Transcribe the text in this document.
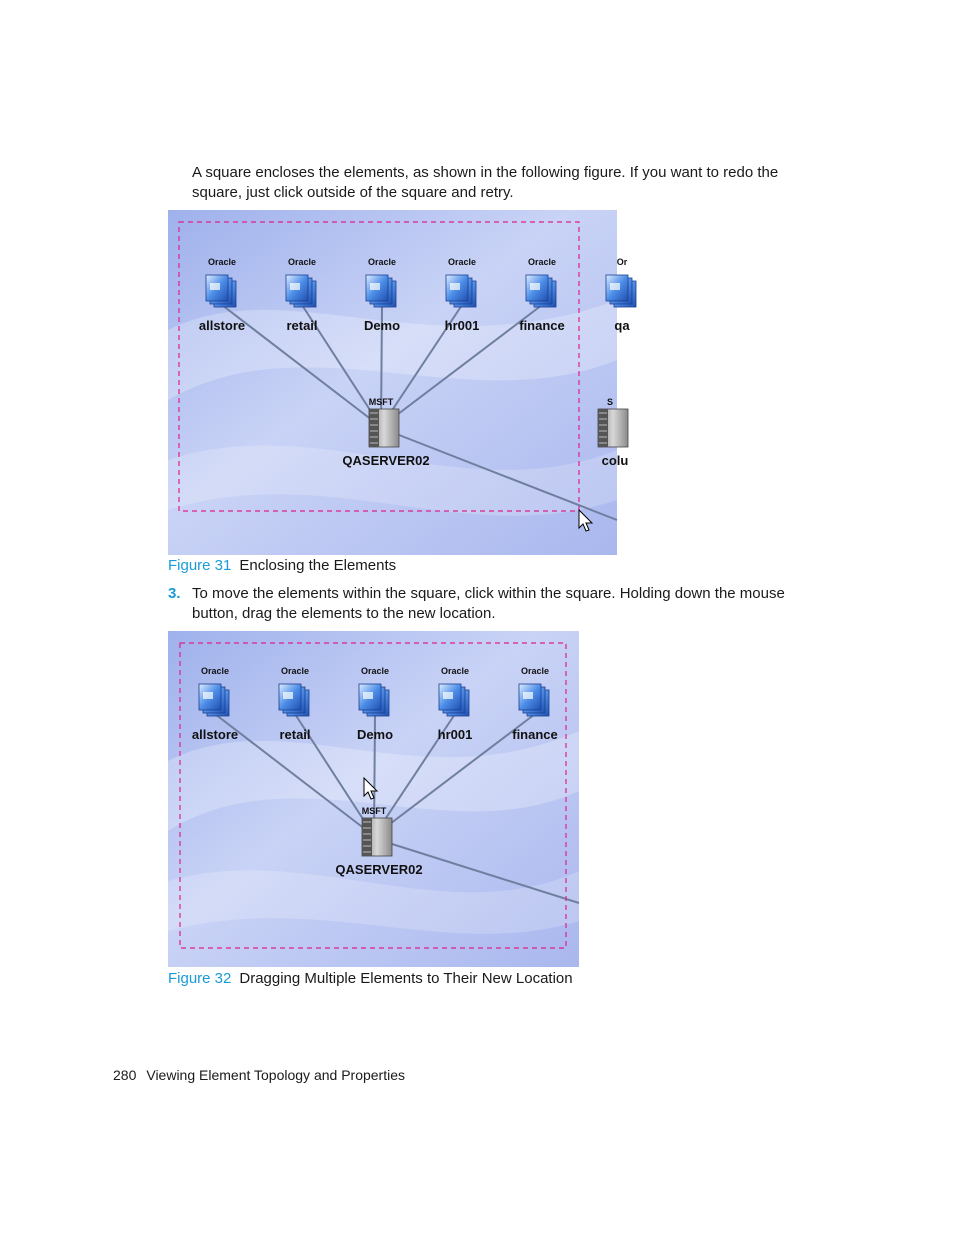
A square encloses the elements, as shown in the following figure. If you want to redo the square, just click outside of the square and retry.
Oracle
allstore
Oracle
retail
Oracle
Demo
Oracle
hr001
Oracle
finance
Or
qa
MSFT
QASERVER02
S
colu
Figure 31 Enclosing the Elements
3. To move the elements within the square, click within the square. Holding down the mouse button, drag the elements to the new location.
Oracle
allstore
Oracle
retail
Oracle
Demo
Oracle
hr001
Oracle
finance
MSFT
QASERVER02
Figure 32 Dragging Multiple Elements to Their New Location
280 Viewing Element Topology and Properties
